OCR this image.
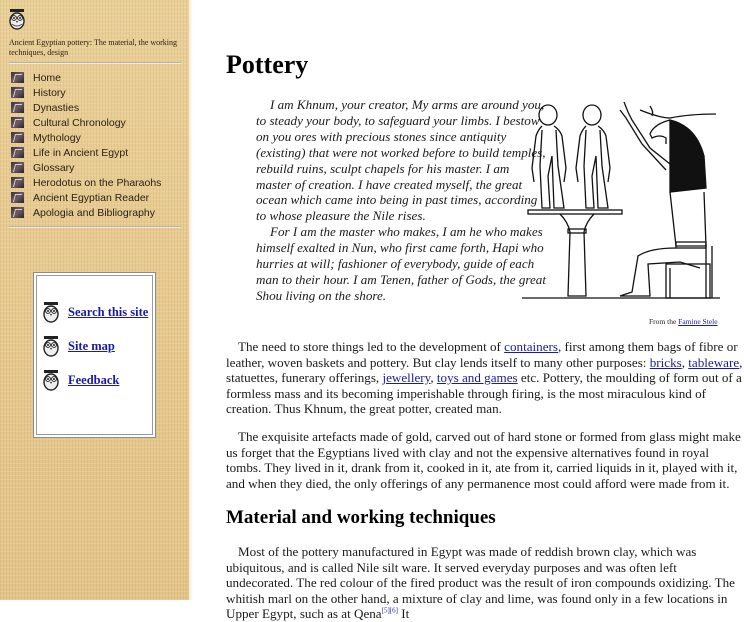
Ancient Egyptian pottery: The material, the working techniques, design
Home
History
Dynasties
Cultural Chronology
Mythology
Life in Ancient Egypt
Glossary
Herodotus on the Pharaohs
Ancient Egyptian Reader
Apologia and Bibliography
Search this site
Site map
Feedback
Pottery

I am Khnum, your creator, My arms are around you, to steady your body, to safeguard your limbs. I bestow on you ores with precious stones since antiquity (existing) that were not worked before to build temples, rebuild ruins, sculpt chapels for his master. I am master of creation. I have created myself, the great ocean which came into being in past times, according to whose pleasure the Nile rises.

For I am the master who makes, I am he who makes himself exalted in Nun, who first came forth, Hapi who hurries at will; fashioner of everybody, guide of each man to their hour. I am Tenen, father of Gods, the great Shou living on the shore.

From the Famine Stele

The need to store things led to the development of containers, first among them bags of fibre or leather, woven baskets and pottery. But clay lends itself to many other purposes: bricks, tableware, statuettes, funerary offerings, jewellery, toys and games etc. Pottery, the moulding of form out of a formless mass and its becoming imperishable through firing, is the most miraculous kind of creation. Thus Khnum, the great potter, created man.

The exquisite artefacts made of gold, carved out of hard stone or formed from glass might make us forget that the Egyptians lived with clay and not the expensive alternatives found in royal tombs. They lived in it, drank from it, cooked in it, ate from it, carried liquids in it, played with it, and when they died, the only offerings of any permanence most could afford were made from it.

Material and working techniques

Most of the pottery manufactured in Egypt was made of reddish brown clay, which was ubiquitous, and is called Nile silt ware. It served everyday purposes and was often left undecorated. The red colour of the fired product was the result of iron compounds oxidizing. The whitish marl on the other hand, a mixture of clay and lime, was found only in a few locations in Upper Egypt, such as at Qena[5][6] It
